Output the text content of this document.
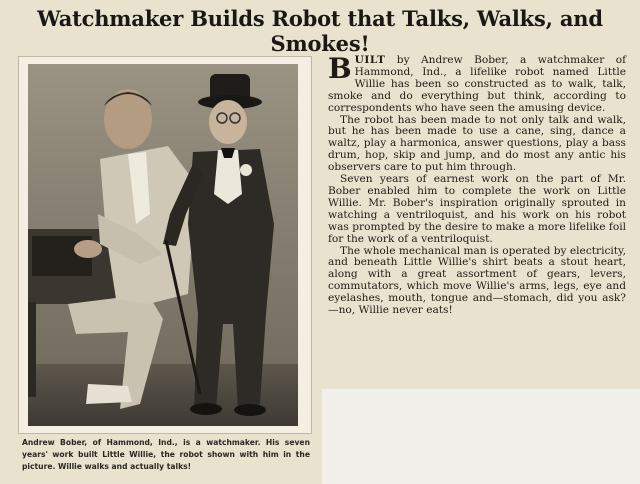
Watchmaker Builds Robot that Talks, Walks, and Smokes!
Andrew Bober, of Hammond, Ind., is a watchmaker. His seven years' work built Little Willie, the robot shown with him in the picture. Willie walks and actually talks!

BUILT by Andrew Bober, a watchmaker of Hammond, Ind., a lifelike robot named Little Willie has been so constructed as to walk, talk, smoke and do everything but think, according to correspondents who have seen the amusing device.

The robot has been made to not only talk and walk, but he has been made to use a cane, sing, dance a waltz, play a harmonica, answer questions, play a bass drum, hop, skip and jump, and do most any antic his observers care to put him through.

Seven years of earnest work on the part of Mr. Bober enabled him to complete the work on Little Willie. Mr. Bober's inspiration originally sprouted in watching a ventriloquist, and his work on his robot was prompted by the desire to make a more lifelike foil for the work of a ventriloquist.

The whole mechanical man is operated by electricity, and beneath Little Willie's shirt beats a stout heart, along with a great assortment of gears, levers, commutators, which move Willie's arms, legs, eye and eyelashes, mouth, tongue and—stomach, did you ask?—no, Willie never eats!
